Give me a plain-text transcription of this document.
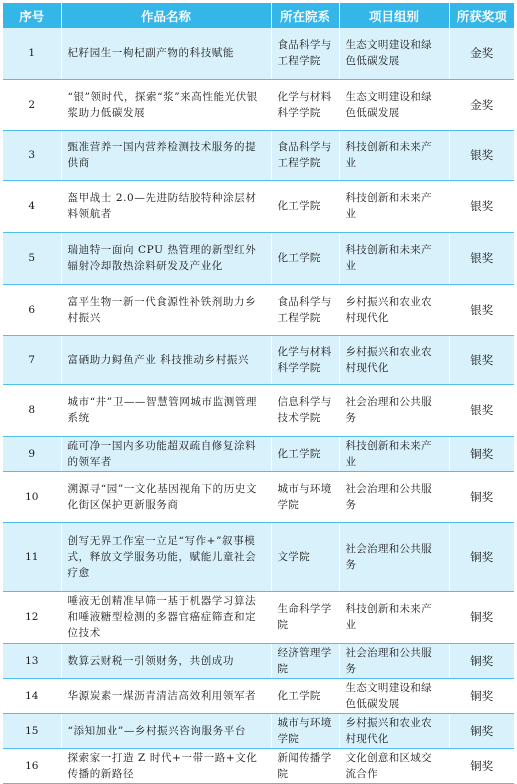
序号	作品名称	所在院系	项目组别	所获奖项
1	杞籽园生一枸杞副产物的科技赋能	食品科学与工程学院	生态文明建设和绿色低碳发展	金奖
2	“银”领时代，探索“浆”来高性能光伏银浆助力低碳发展	化学与材料科学学院	生态文明建设和绿色低碳发展	金奖
3	甄准营养一国内营养检测技术服务的提供商	食品科学与工程学院	科技创新和未来产业	银奖
4	盔甲战士 2.0—先进防结胶特种涂层材料领航者	化工学院	科技创新和未来产业	银奖
5	瑞迪特一面向 CPU 热管理的新型红外辐射冷却散热涂料研发及产业化	化工学院	科技创新和未来产业	银奖
6	富平生物一新一代食源性补铁剂助力乡村振兴	食品科学与工程学院	乡村振兴和农业农村现代化	银奖
7	富硒助力鲟鱼产业 科技推动乡村振兴	化学与材料科学学院	乡村振兴和农业农村现代化	银奖
8	城市“井”卫——智慧管网城市监测管理系统	信息科学与技术学院	社会治理和公共服务	银奖
9	疏可净一国内多功能超双疏自修复涂料的领军者	化工学院	科技创新和未来产业	铜奖
10	溯源寻“园”一文化基因视角下的历史文化街区保护更新服务商	城市与环境学院	社会治理和公共服务	铜奖
11	创写无界工作室一立足“写作+”叙事模式，释放文学服务功能，赋能儿童社会疗愈	文学院	社会治理和公共服务	铜奖
12	唾液无创精准早筛一基于机器学习算法和唾液糖型检测的多器官癌症筛查和定位技术	生命科学学院	科技创新和未来产业	铜奖
13	数算云财税一引领财务，共创成功	经济管理学院	社会治理和公共服务	铜奖
14	华源炭素一煤沥青清洁高效利用领军者	化工学院	生态文明建设和绿色低碳发展	铜奖
15	“添知加业”—乡村振兴咨询服务平台	城市与环境学院	乡村振兴和农业农村现代化	铜奖
16	探索家一打造 Z 时代+一带一路+文化传播的新路径	新闻传播学院	文化创意和区域交流合作	铜奖
